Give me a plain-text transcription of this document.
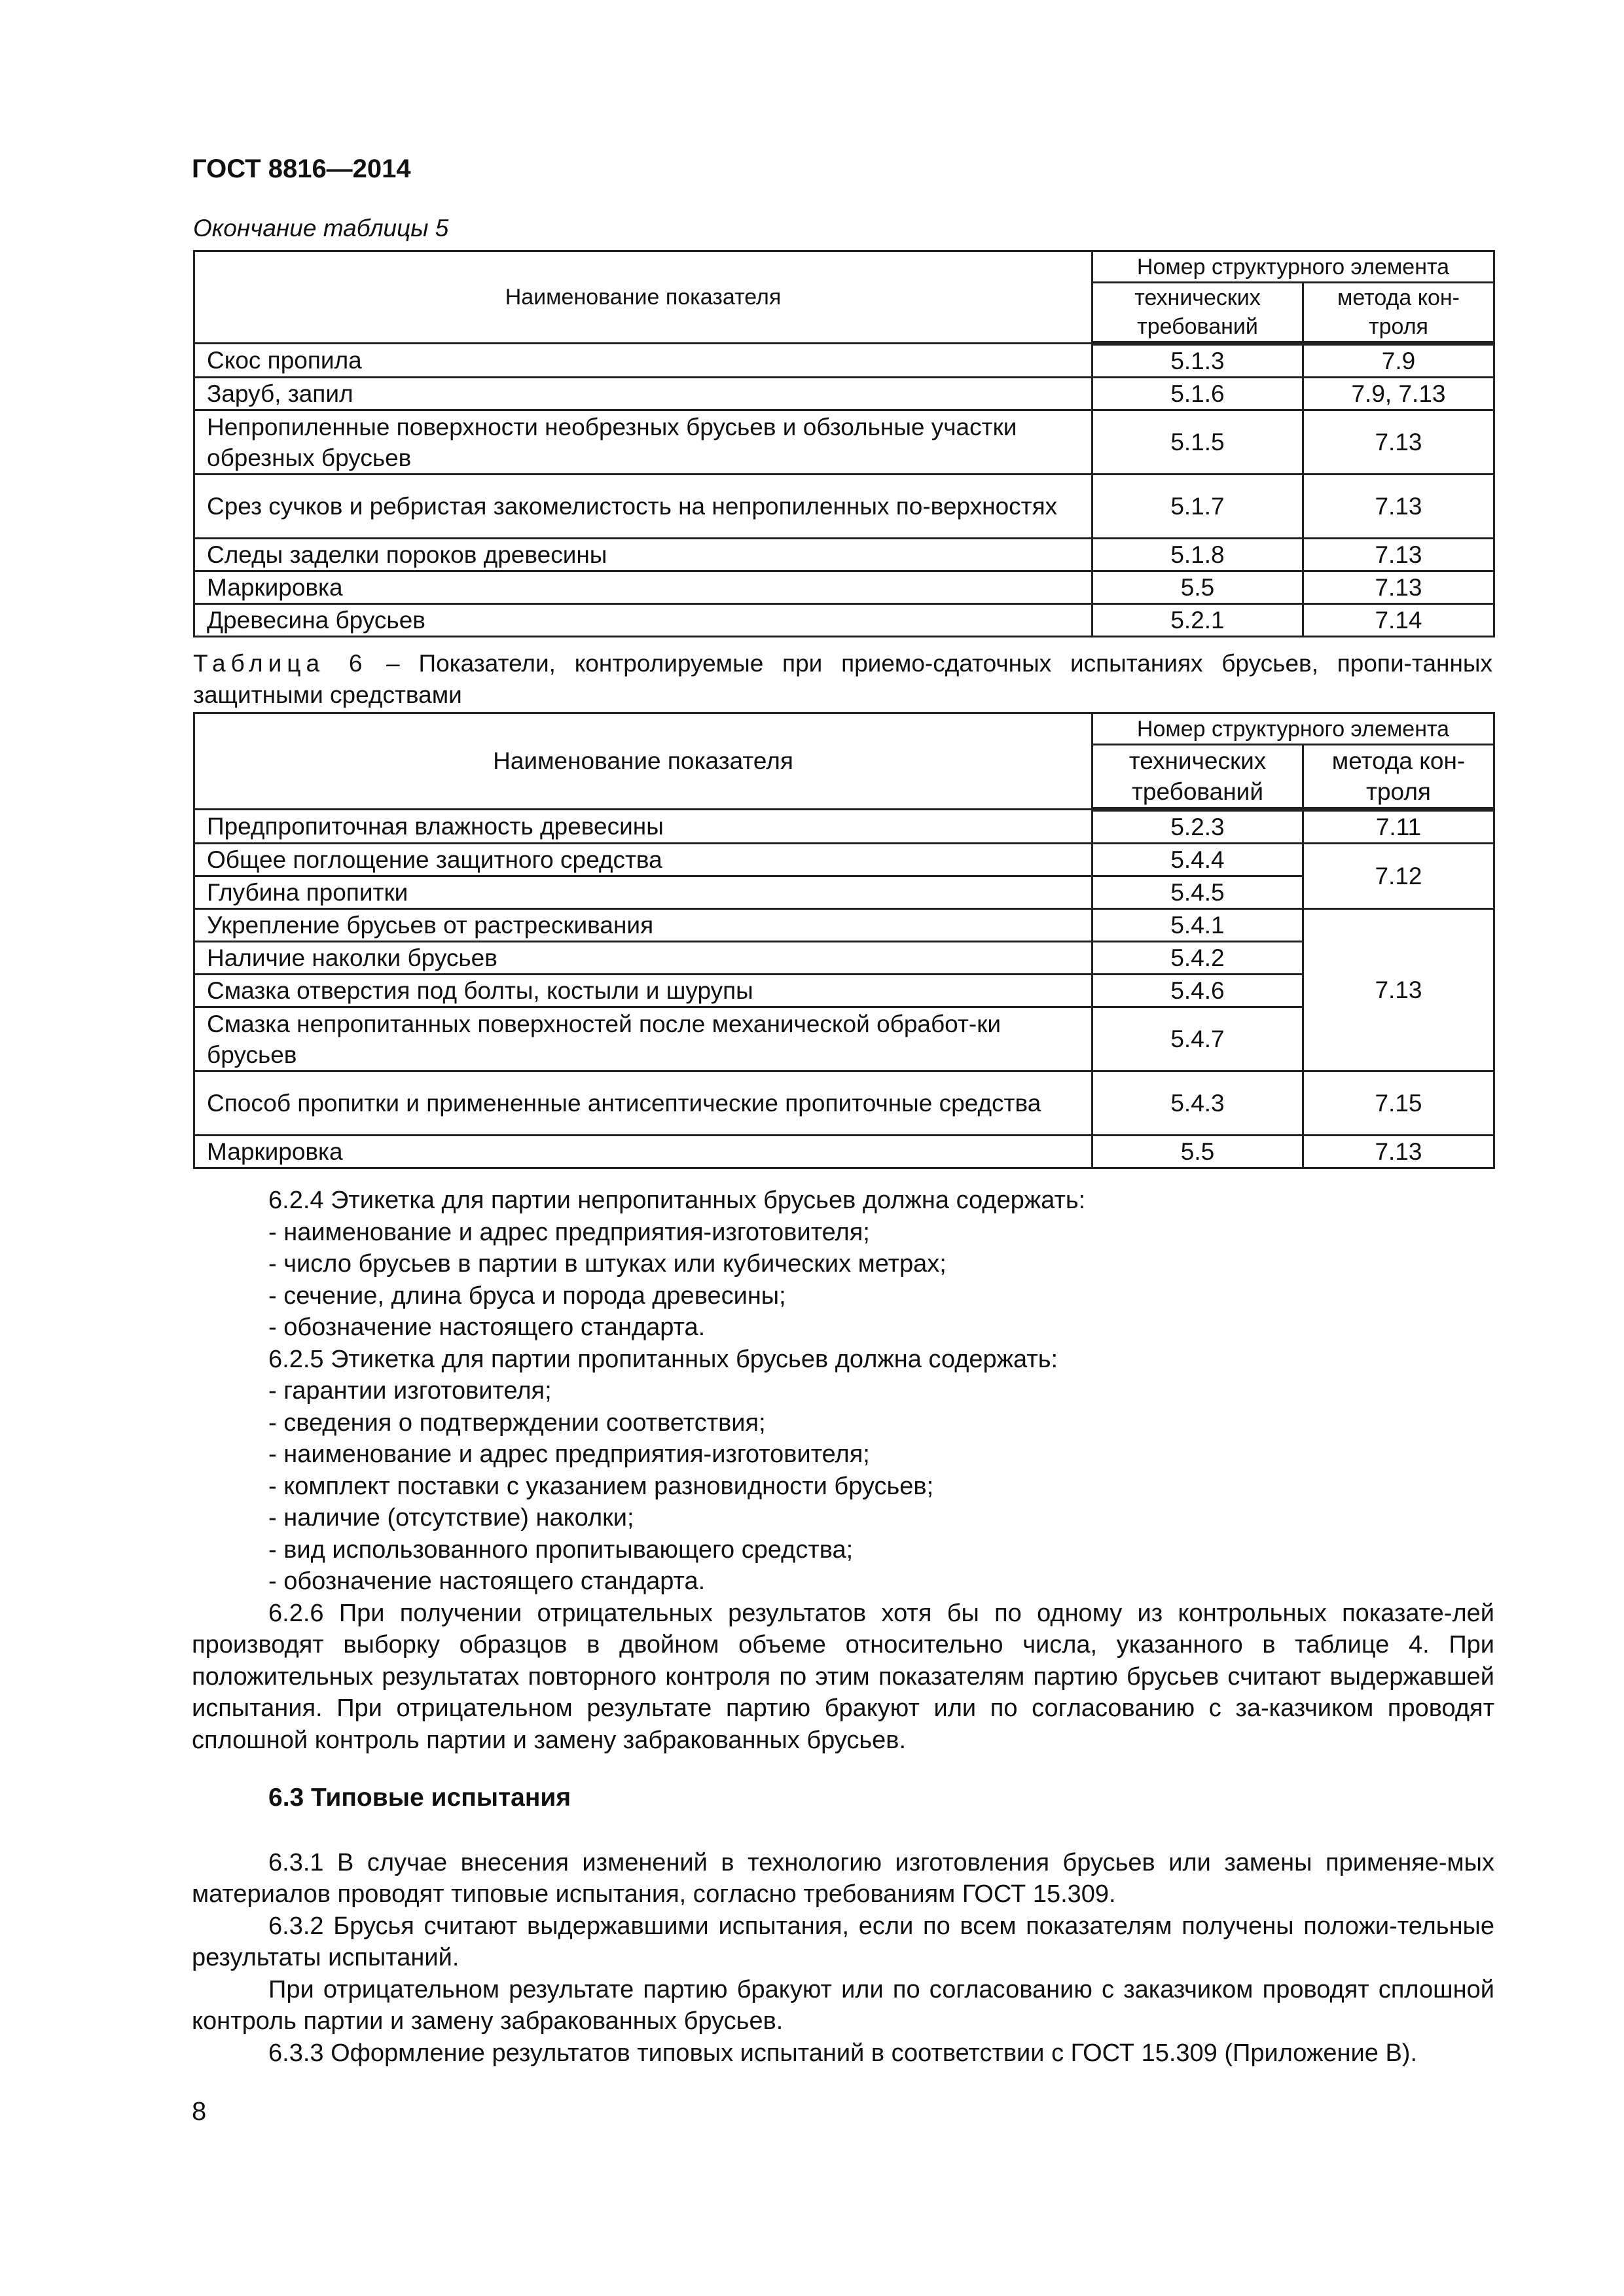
ГОСТ 8816—2014
Окончание таблицы 5
Наименование показателя	Номер структурного элемента	
	технических требований	метода кон-троля
Скос пропила	5.1.3	7.9
Заруб, запил	5.1.6	7.9, 7.13
Непропиленные поверхности необрезных брусьев и обзольные участки обрезных брусьев	5.1.5	7.13
Срез сучков и ребристая закомелистость на непропиленных по-верхностях	5.1.7	7.13
Следы заделки пороков древесины	5.1.8	7.13
Маркировка	5.5	7.13
Древесина брусьев	5.2.1	7.14
Таблица 6 – Показатели, контролируемые при приемо-сдаточных испытаниях брусьев, пропи-танных защитными средствами
Наименование показателя	Номер структурного элемента	
	технических требований	метода кон-троля
Предпропиточная влажность древесины	5.2.3	7.11
Общее поглощение защитного средства	5.4.4	7.12
Глубина пропитки	5.4.5	
Укрепление брусьев от растрескивания	5.4.1	7.13
Наличие наколки брусьев	5.4.2	
Смазка отверстия под болты, костыли и шурупы	5.4.6	
Смазка непропитанных поверхностей после механической обработ-ки брусьев	5.4.7	
Способ пропитки и примененные антисептические пропиточные средства	5.4.3	7.15
Маркировка	5.5	7.13

6.2.4 Этикетка для партии непропитанных брусьев должна содержать:

- наименование и адрес предприятия-изготовителя;

- число брусьев в партии в штуках или кубических метрах;

- сечение, длина бруса и порода древесины;

- обозначение настоящего стандарта.

6.2.5 Этикетка для партии пропитанных брусьев должна содержать:

- гарантии изготовителя;

- сведения о подтверждении соответствия;

- наименование и адрес предприятия-изготовителя;

- комплект поставки с указанием разновидности брусьев;

- наличие (отсутствие) наколки;

- вид использованного пропитывающего средства;

- обозначение настоящего стандарта.

6.2.6 При получении отрицательных результатов хотя бы по одному из контрольных показате-лей производят выборку образцов в двойном объеме относительно числа, указанного в таблице 4. При положительных результатах повторного контроля по этим показателям партию брусьев считают выдержавшей испытания. При отрицательном результате партию бракуют или по согласованию с за-казчиком проводят сплошной контроль партии и замену забракованных брусьев.

6.3 Типовые испытания

6.3.1 В случае внесения изменений в технологию изготовления брусьев или замены применяе-мых материалов проводят типовые испытания, согласно требованиям ГОСТ 15.309.

6.3.2 Брусья считают выдержавшими испытания, если по всем показателям получены положи-тельные результаты испытаний.

При отрицательном результате партию бракуют или по согласованию с заказчиком проводят сплошной контроль партии и замену забракованных брусьев.

6.3.3 Оформление результатов типовых испытаний в соответствии с ГОСТ 15.309 (Приложение В).

8
